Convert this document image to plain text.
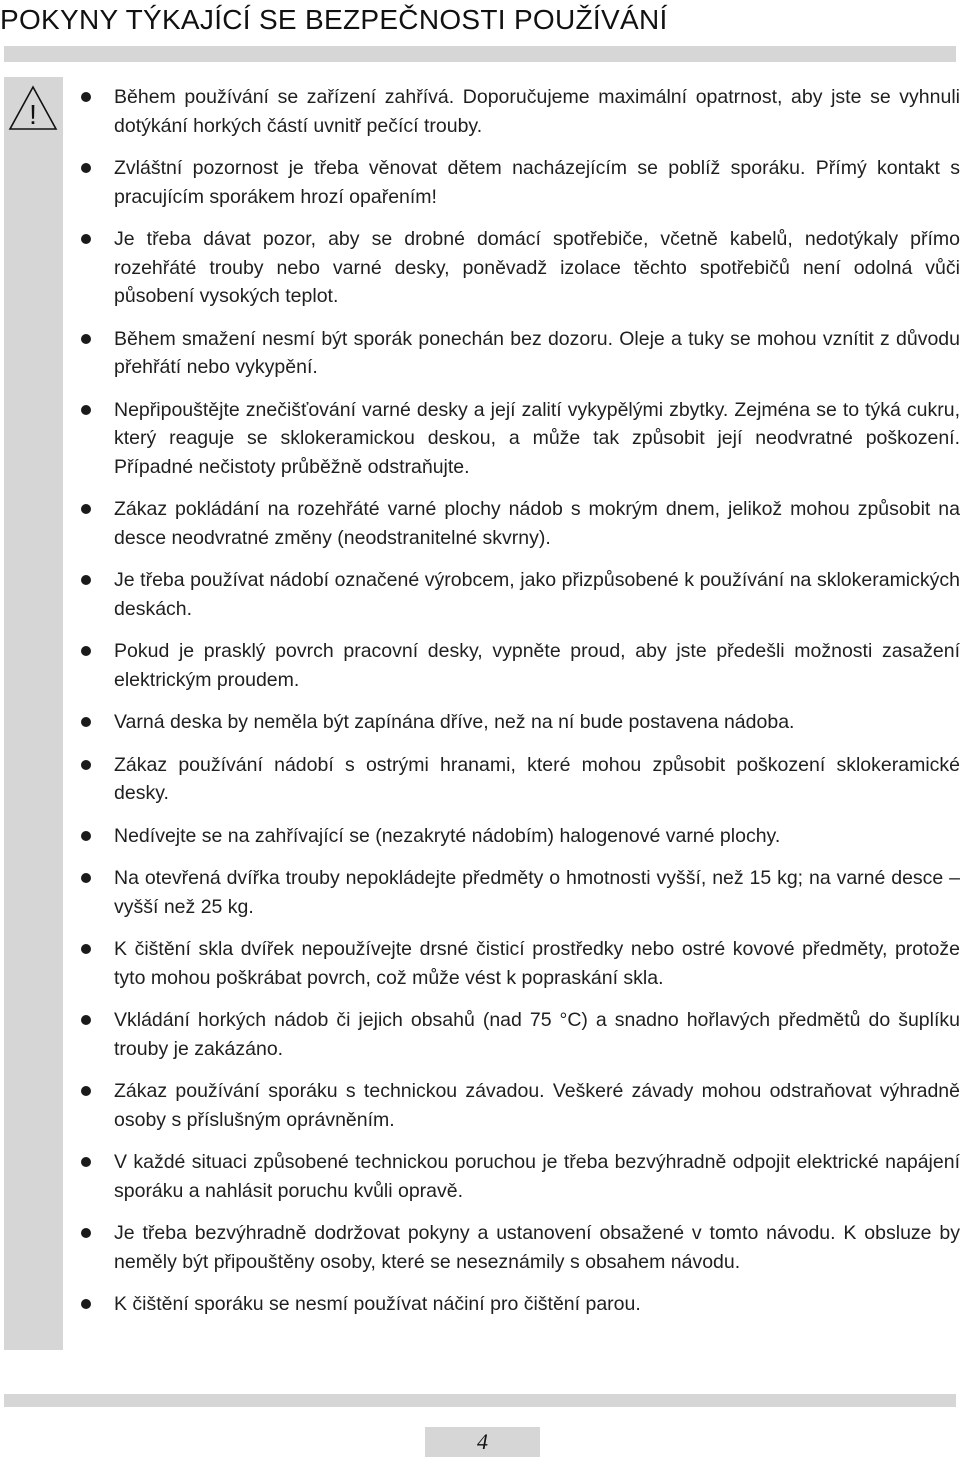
POKYNY TÝKAJÍCÍ SE BEZPEČNOSTI POUŽÍVÁNÍ
!
Během používání se zařízení zahřívá. Doporučujeme maximální opatrnost, aby jste se vyhnuli dotýkání horkých částí uvnitř pečící trouby.
Zvláštní pozornost je třeba věnovat dětem nacházejícím se poblíž sporáku. Přímý kontakt s pracujícím sporákem hrozí opařením!
Je třeba dávat pozor, aby se drobné domácí spotřebiče, včetně kabelů, nedotýkaly přímo rozehřáté trouby nebo varné desky, poněvadž izolace těchto spotřebičů není odolná vůči působení vysokých teplot.
Během smažení nesmí být sporák ponechán bez dozoru. Oleje a tuky se mohou vznítit z důvodu přehřátí nebo vykypění.
Nepřipouštějte znečišťování varné desky a její zalití vykypělými zbytky. Zejména se to týká cukru, který reaguje se sklokeramickou deskou, a může tak způsobit její neodvratné poškození. Případné nečistoty průběžně odstraňujte.
Zákaz pokládání na rozehřáté varné plochy nádob s mokrým dnem, jelikož mohou způsobit na desce neodvratné změny (neodstranitelné skvrny).
Je třeba používat nádobí označené výrobcem, jako přizpůsobené k používání na sklokeramických deskách.
Pokud je prasklý povrch pracovní desky, vypněte proud, aby jste předešli možnosti zasažení elektrickým proudem.
Varná deska by neměla být zapínána dříve, než na ní bude postavena nádoba.
Zákaz používání nádobí s ostrými hranami, které mohou způsobit poškození sklokeramické desky.
Nedívejte se na zahřívající se (nezakryté nádobím) halogenové varné plochy.
Na otevřená dvířka trouby nepokládejte předměty o hmotnosti vyšší, než 15 kg; na varné desce – vyšší než 25 kg.
K čištění skla dvířek nepoužívejte drsné čisticí prostředky nebo ostré kovové předměty, protože tyto mohou poškrábat povrch, což může vést k popraskání skla.
Vkládání horkých nádob či jejich obsahů (nad 75 °C) a snadno hořlavých předmětů do šuplíku trouby je zakázáno.
Zákaz používání sporáku s technickou závadou. Veškeré závady mohou odstraňovat výhradně osoby s příslušným oprávněním.
V každé situaci způsobené technickou poruchou je třeba bezvýhradně odpojit elektrické napájení sporáku a nahlásit poruchu kvůli opravě.
Je třeba bezvýhradně dodržovat pokyny a ustanovení obsažené v tomto návodu. K obsluze by neměly být připouštěny osoby, které se neseznámily s obsahem návodu.
K čištění sporáku se nesmí používat náčiní pro čištění parou.
4
